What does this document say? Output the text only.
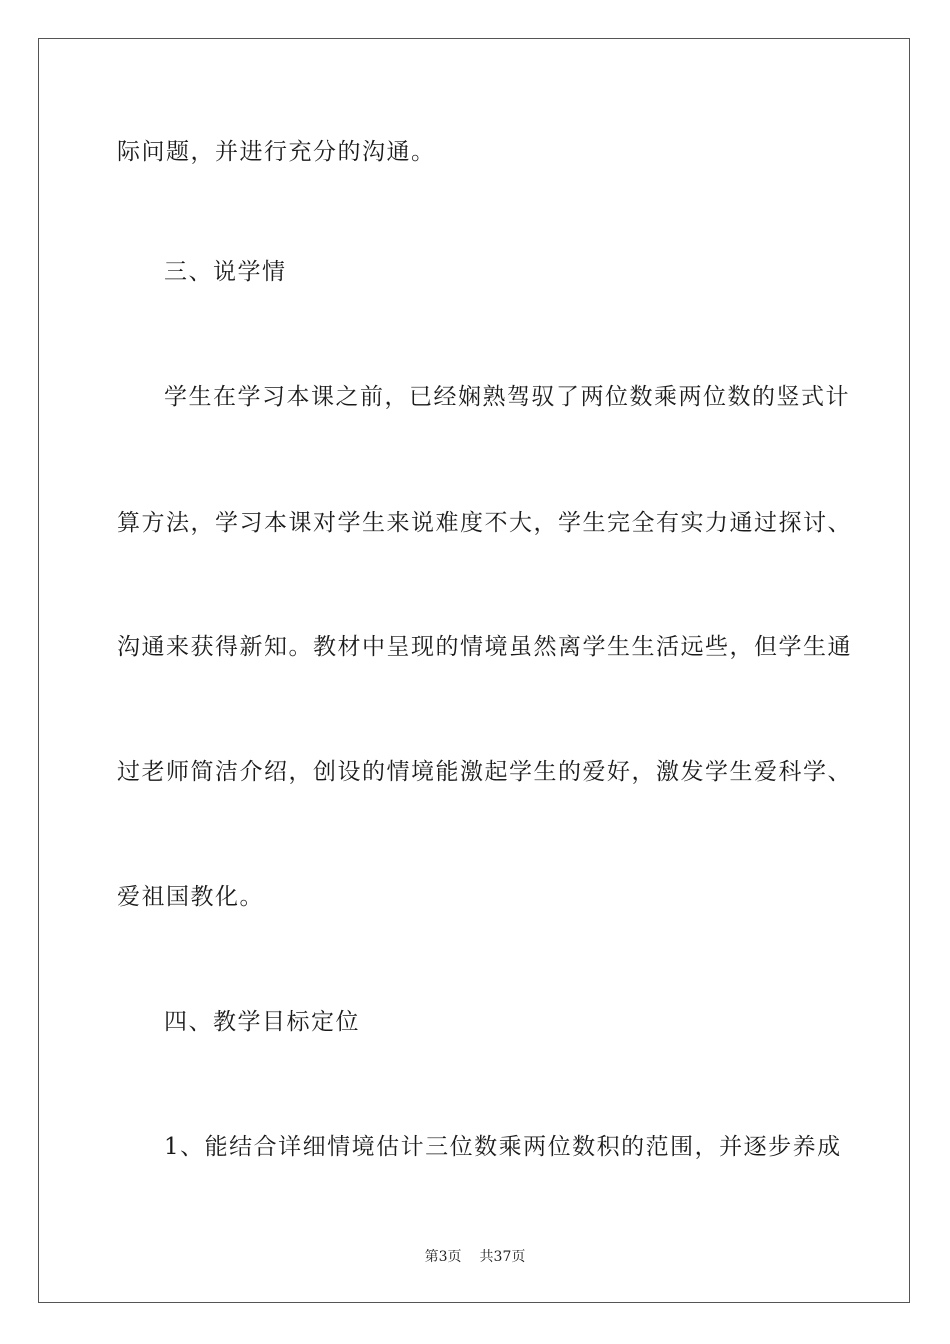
际问题，并进行充分的沟通。
三、说学情
学生在学习本课之前，已经娴熟驾驭了两位数乘两位数的竖式计
算方法，学习本课对学生来说难度不大，学生完全有实力通过探讨、
沟通来获得新知。教材中呈现的情境虽然离学生生活远些，但学生通
过老师简洁介绍，创设的情境能激起学生的爱好，激发学生爱科学、
爱祖国教化。
四、教学目标定位
1、能结合详细情境估计三位数乘两位数积的范围，并逐步养成
第3页 共37页
